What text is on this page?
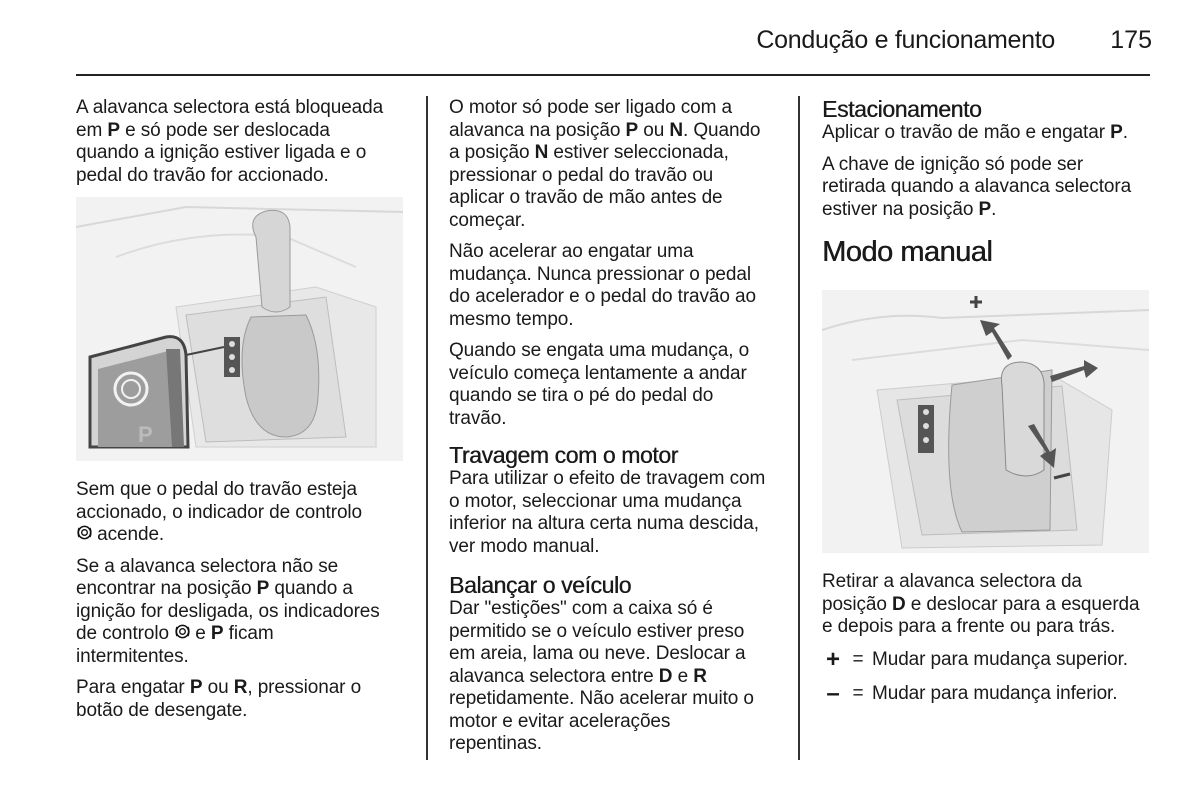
Condução e funcionamento 175

A alavanca selectora está bloqueada
em P e só pode ser deslocada
quando a ignição estiver ligada e o
pedal do travão for accionado.

P

Sem que o pedal do travão esteja
accionado, o indicador de controlo
acende.

Se a alavanca selectora não se
encontrar na posição P quando a
ignição for desligada, os indicadores
de controlo  e P ficam
intermitentes.

Para engatar P ou R, pressionar o
botão de desengate.

O motor só pode ser ligado com a
alavanca na posição P ou N. Quando
a posição N estiver seleccionada,
pressionar o pedal do travão ou
aplicar o travão de mão antes de
começar.

Não acelerar ao engatar uma
mudança. Nunca pressionar o pedal
do acelerador e o pedal do travão ao
mesmo tempo.

Quando se engata uma mudança, o
veículo começa lentamente a andar
quando se tira o pé do pedal do
travão.

Travagem com o motor

Para utilizar o efeito de travagem com
o motor, seleccionar uma mudança
inferior na altura certa numa descida,
ver modo manual.

Balançar o veículo

Dar "estições" com a caixa só é
permitido se o veículo estiver preso
em areia, lama ou neve. Deslocar a
alavanca selectora entre D e R
repetidamente. Não acelerar muito o
motor e evitar acelerações
repentinas.

Estacionamento

Aplicar o travão de mão e engatar P.

A chave de ignição só pode ser
retirada quando a alavanca selectora
estiver na posição P.

Modo manual

Retirar a alavanca selectora da
posição D e deslocar para a esquerda
e depois para a frente ou para trás.

+ = Mudar para mudança superior.
– = Mudar para mudança inferior.
